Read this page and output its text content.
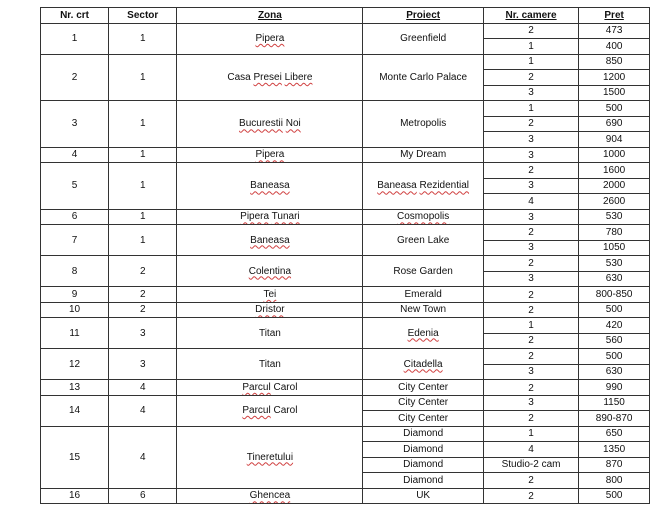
Nr. crt	Sector	Zona	Proiect	Nr. camere	Pret
1	1	Pipera	Greenfield	2	473
				1	400
2	1	Casa Presei Libere	Monte Carlo Palace	1	850
				2	1200
				3	1500
3	1	Bucurestii Noi	Metropolis	1	500
				2	690
				3	904
4	1	Pipera	My Dream	3	1000
5	1	Baneasa	Baneasa Rezidential	2	1600
				3	2000
				4	2600
6	1	Pipera Tunari	Cosmopolis	3	530
7	1	Baneasa	Green Lake	2	780
				3	1050
8	2	Colentina	Rose Garden	2	530
				3	630
9	2	Tei	Emerald	2	800-850
10	2	Dristor	New Town	2	500
11	3	Titan	Edenia	1	420
				2	560
12	3	Titan	Citadella	2	500
				3	630
13	4	Parcul Carol	City Center	2	990
14	4	Parcul Carol	City Center	3	1150
			City Center	2	890-870
15	4	Tineretului	Diamond	1	650
			Diamond	4	1350
			Diamond	Studio-2 cam	870
			Diamond	2	800
16	6	Ghencea	UK	2	500
